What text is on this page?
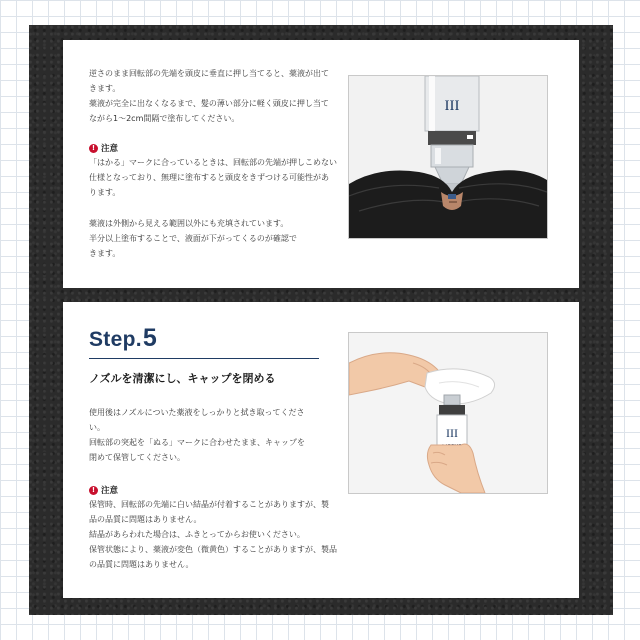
逆さのまま回転部の先端を頭皮に垂直に押し当てると、薬液が出て
きます。

薬液が完全に出なくなるまで、髪の薄い部分に軽く頭皮に押し当て
ながら1〜2cm間隔で塗布してください。

! 注意

「はかる」マークに合っているときは、回転部の先端が押しこめない
仕様となっており、無理に塗布すると頭皮をきずつける可能性があ
ります。

薬液は外側から見える範囲以外にも充填されています。
半分以上塗布することで、液面が下がってくるのが確認で
きます。

III
Step. 5
ノズルを清潔にし、キャップを閉める

使用後はノズルについた薬液をしっかりと拭き取ってくださ
い。

回転部の突起を「ぬる」マークに合わせたまま、キャップを
閉めて保管してください。

! 注意

保管時、回転部の先端に白い結晶が付着することがありますが、製
品の品質に問題はありません。
結晶があらわれた場合は、ふきとってからお使いください。
保管状態により、薬液が変色（微黄色）することがありますが、製品
の品質に問題はありません。

III
